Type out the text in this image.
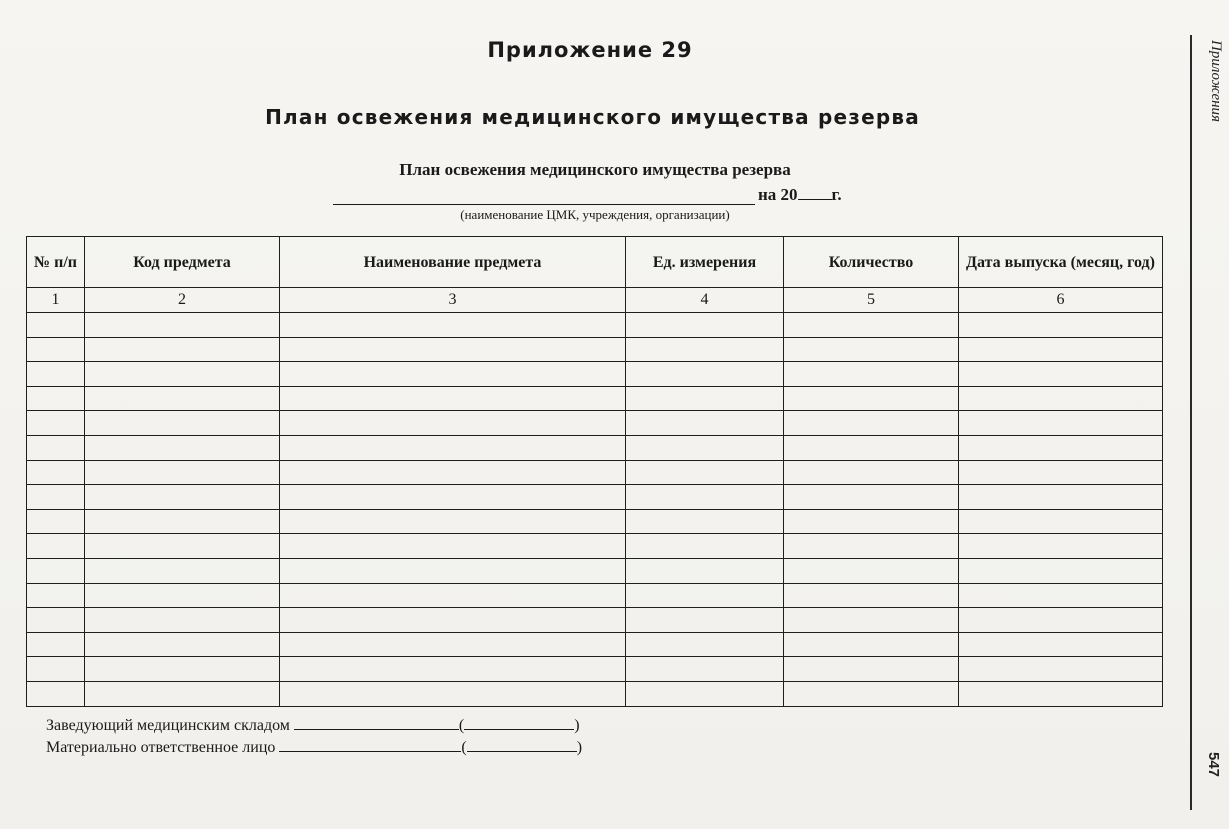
Приложение 29
План освежения медицинского имущества резерва
План освежения медицинского имущества резерва
на 20 г.
(наименование ЦМК, учреждения, организации)
№ п/п	Код предмета	Наименование предмета	Ед. измерения	Количество	Дата выпуска (месяц, год)
1	2	3	4	5	6

Заведующий медицинским складом	(	)
Материально ответственное лицо	(	)
Приложения
547
